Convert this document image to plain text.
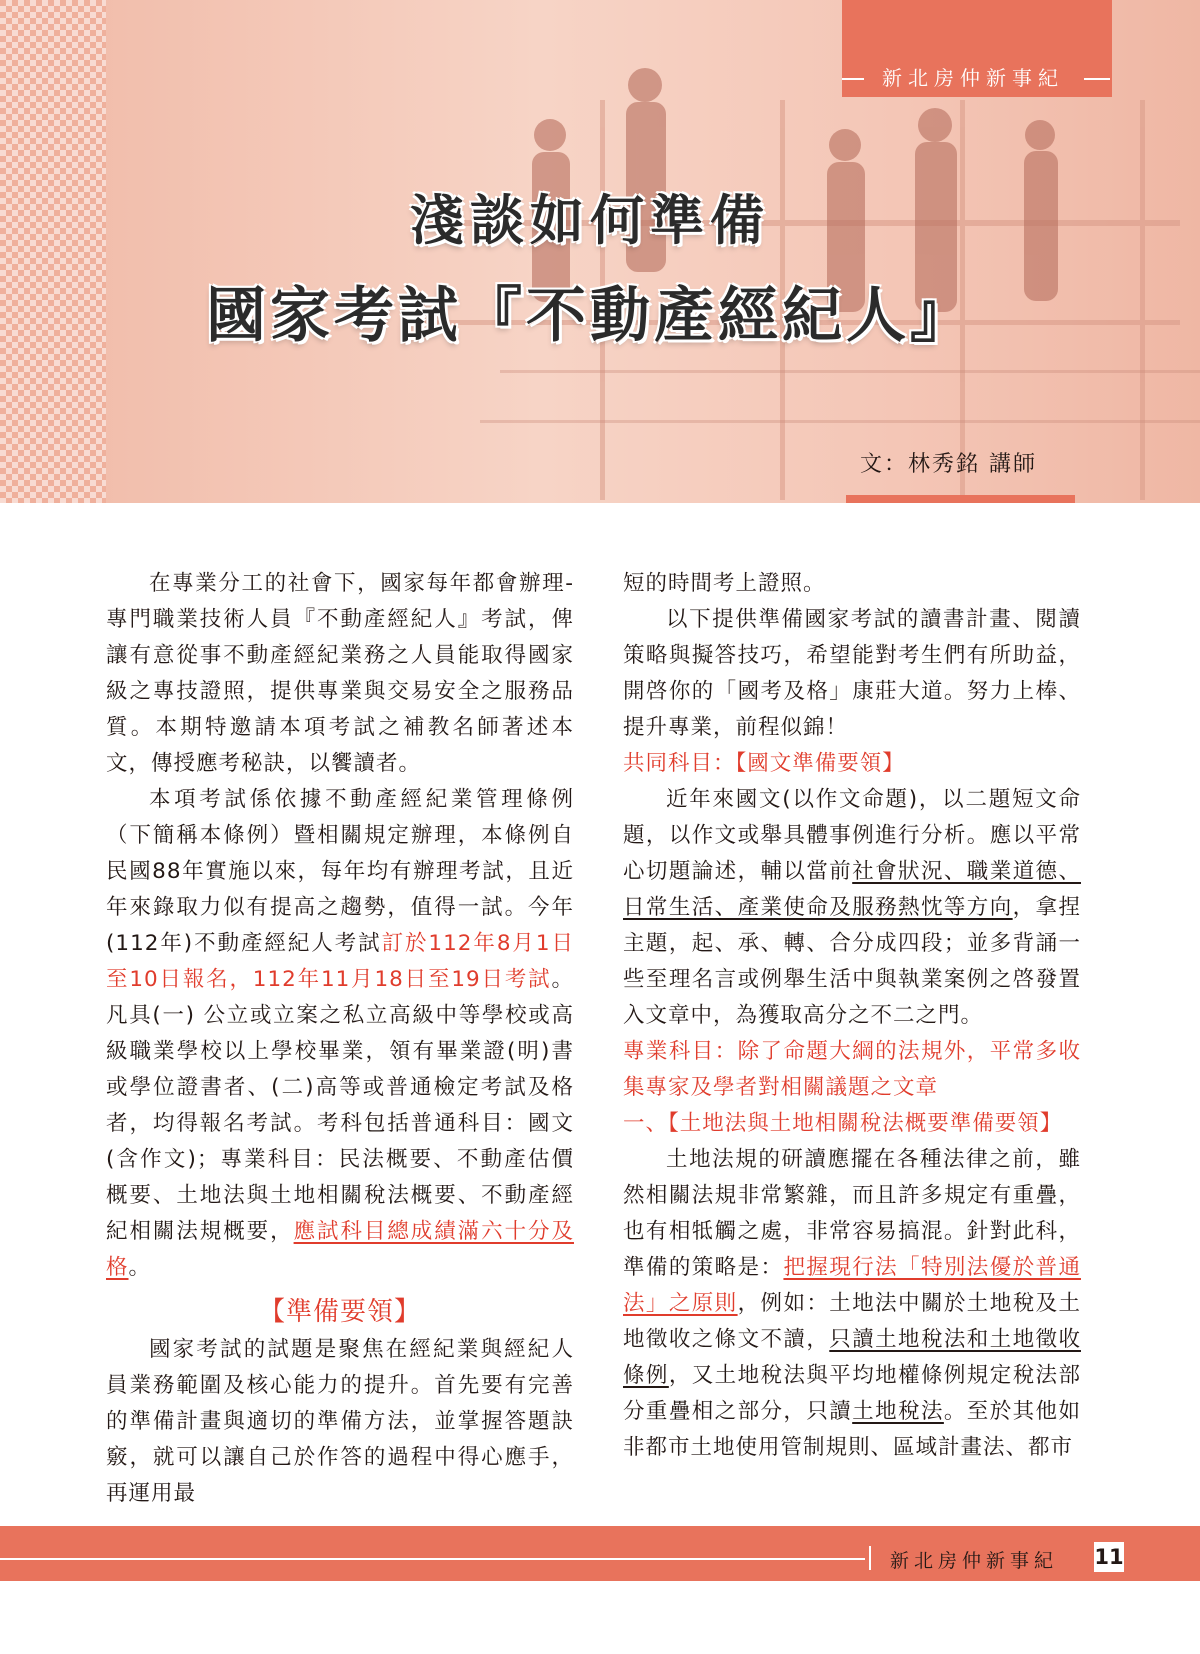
新北房仲新事紀
淺談如何準備
國家考試『不動產經紀人』
文：林秀銘 講師

在專業分工的社會下，國家每年都會辦理-專門職業技術人員『不動產經紀人』考試，俾讓有意從事不動產經紀業務之人員能取得國家級之專技證照，提供專業與交易安全之服務品質。本期特邀請本項考試之補教名師著述本文，傳授應考秘訣，以饗讀者。

本項考試係依據不動產經紀業管理條例（下簡稱本條例）暨相關規定辦理，本條例自民國88年實施以來，每年均有辦理考試，且近年來錄取力似有提高之趨勢，值得一試。今年(112年)不動產經紀人考試訂於112年8月1日至10日報名，112年11月18日至19日考試。凡具(一) 公立或立案之私立高級中等學校或高級職業學校以上學校畢業，領有畢業證(明)書或學位證書者、(二)高等或普通檢定考試及格者，均得報名考試。考科包括普通科目：國文(含作文)；專業科目：民法概要、不動產估價概要、土地法與土地相關稅法概要、不動產經紀相關法規概要，應試科目總成績滿六十分及格。

【準備要領】

國家考試的試題是聚焦在經紀業與經紀人員業務範圍及核心能力的提升。首先要有完善的準備計畫與適切的準備方法，並掌握答題訣竅，就可以讓自己於作答的過程中得心應手，再運用最

短的時間考上證照。

以下提供準備國家考試的讀書計畫、閱讀策略與擬答技巧，希望能對考生們有所助益，開啓你的「國考及格」康莊大道。努力上棒、提升專業，前程似錦！

共同科目：【國文準備要領】

近年來國文(以作文命題)，以二題短文命題，以作文或舉具體事例進行分析。應以平常心切題論述，輔以當前社會狀況、職業道德、日常生活、產業使命及服務熱忱等方向，拿捏主題，起、承、轉、合分成四段；並多背誦一些至理名言或例舉生活中與執業案例之啓發置入文章中，為獲取高分之不二之門。

專業科目：除了命題大綱的法規外，平常多收集專家及學者對相關議題之文章

一、【土地法與土地相關稅法概要準備要領】

土地法規的研讀應擺在各種法律之前，雖然相關法規非常繁雜，而且許多規定有重疊，也有相牴觸之處，非常容易搞混。針對此科，準備的策略是：把握現行法「特別法優於普通法」之原則，例如：土地法中關於土地稅及土地徵收之條文不讀，只讀土地稅法和土地徵收條例，又土地稅法與平均地權條例規定稅法部分重疊相之部分，只讀土地稅法。至於其他如非都市土地使用管制規則、區域計畫法、都市

新北房仲新事紀 11
